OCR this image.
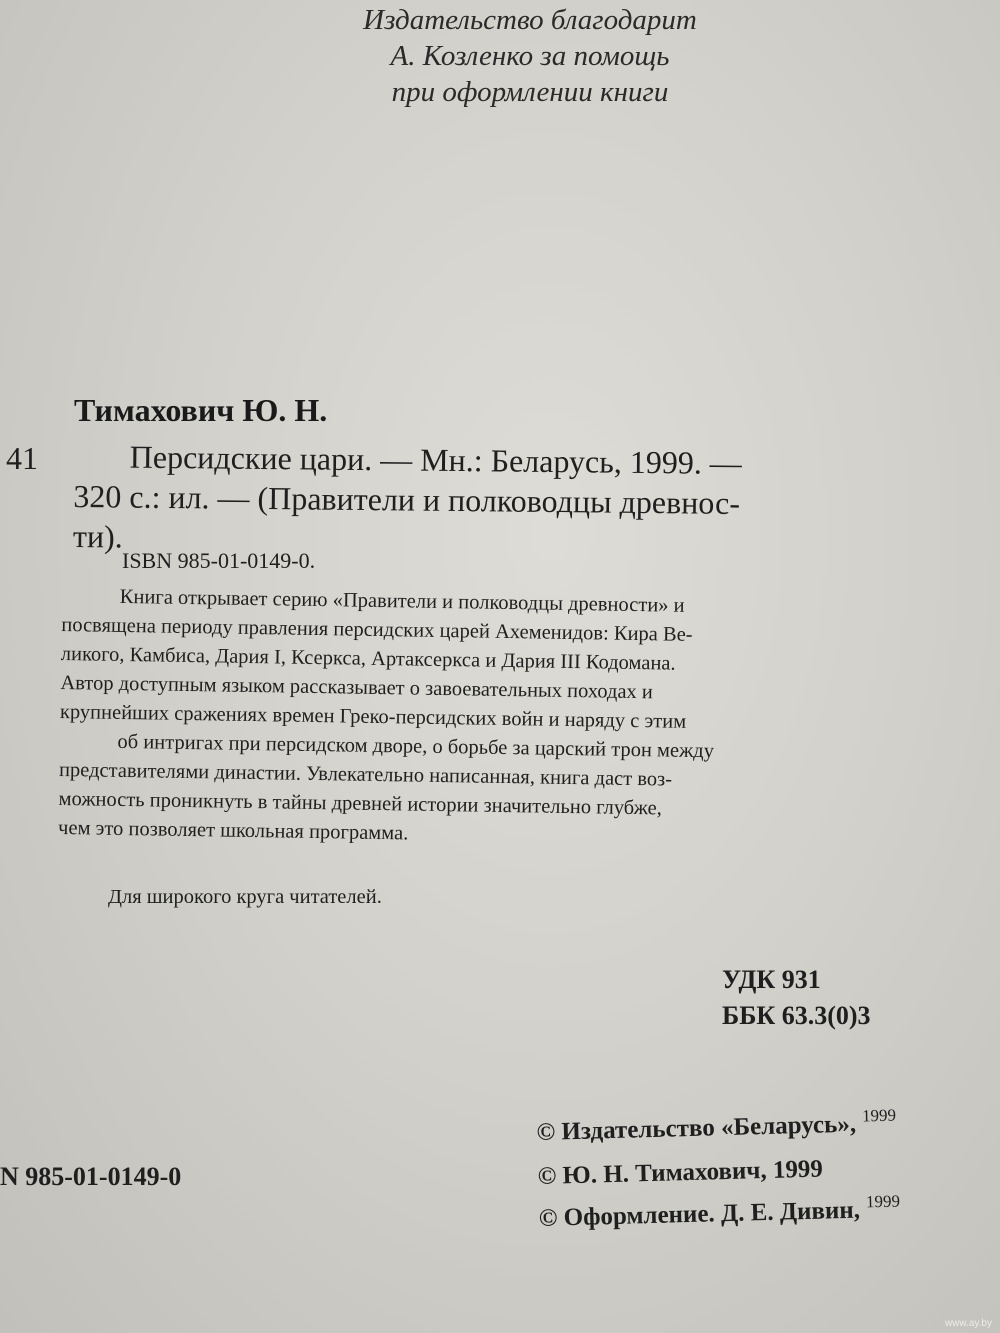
Издательство благодарит
А. Козленко за помощь
при оформлении книги
Тимахович Ю. Н.
41	Персидские цари. — Мн.: Беларусь, 1999. —
320 с.: ил. — (Правители и полководцы древнос-
ти).
ISBN 985-01-0149-0.
Книга открывает серию «Правители и полководцы древности» и
посвящена периоду правления персидских царей Ахеменидов: Кира Ве-
ликого, Камбиса, Дария I, Ксеркса, Артаксеркса и Дария III Кодомана.
Автор доступным языком рассказывает о завоевательных походах и
крупнейших сражениях времен Греко-персидских войн и наряду с этим
об интригах при персидском дворе, о борьбе за царский трон между
представителями династии. Увлекательно написанная, книга даст воз-
можность проникнуть в тайны древней истории значительно глубже,
чем это позволяет школьная программа.
Для широкого круга читателей.
УДК 931
ББК 63.3(0)3
N 985-01-0149-0
© Издательство «Беларусь», $^{1999}$
© Ю. Н. Тимахович, 1999
© Оформление. Д. Е. Дивин, $^{1999}$
www.ay.by
